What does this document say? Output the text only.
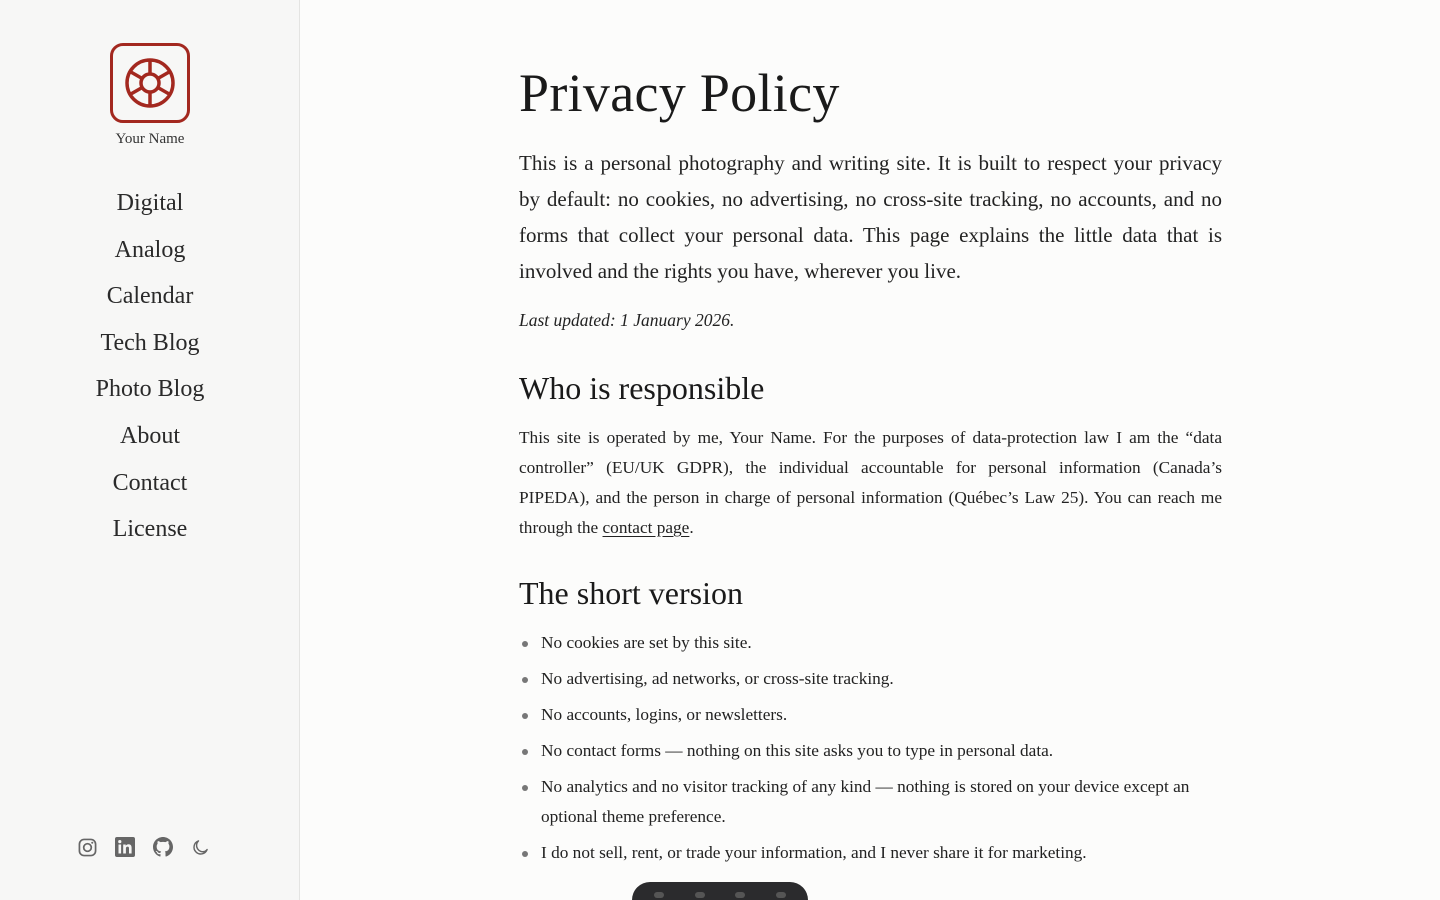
Your Name
Digital
Analog
Calendar
Tech Blog
Photo Blog
About
Contact
License
Privacy Policy

This is a personal photography and writing site. It is built to respect your privacy by default: no cookies, no advertising, no cross-site tracking, no accounts, and no forms that collect your personal data. This page explains the little data that is involved and the rights you have, wherever you live.

Last updated: 1 January 2026.

Who is responsible

This site is operated by me, Your Name. For the purposes of data-protection law I am the “data controller” (EU/UK GDPR), the individual accountable for personal information (Canada’s PIPEDA), and the person in charge of personal information (Québec’s Law 25). You can reach me through the contact page.

The short version
No cookies are set by this site.
No advertising, ad networks, or cross-site tracking.
No accounts, logins, or newsletters.
No contact forms — nothing on this site asks you to type in personal data.
No analytics and no visitor tracking of any kind — nothing is stored on your device except an optional theme preference.
I do not sell, rent, or trade your information, and I never share it for marketing.
